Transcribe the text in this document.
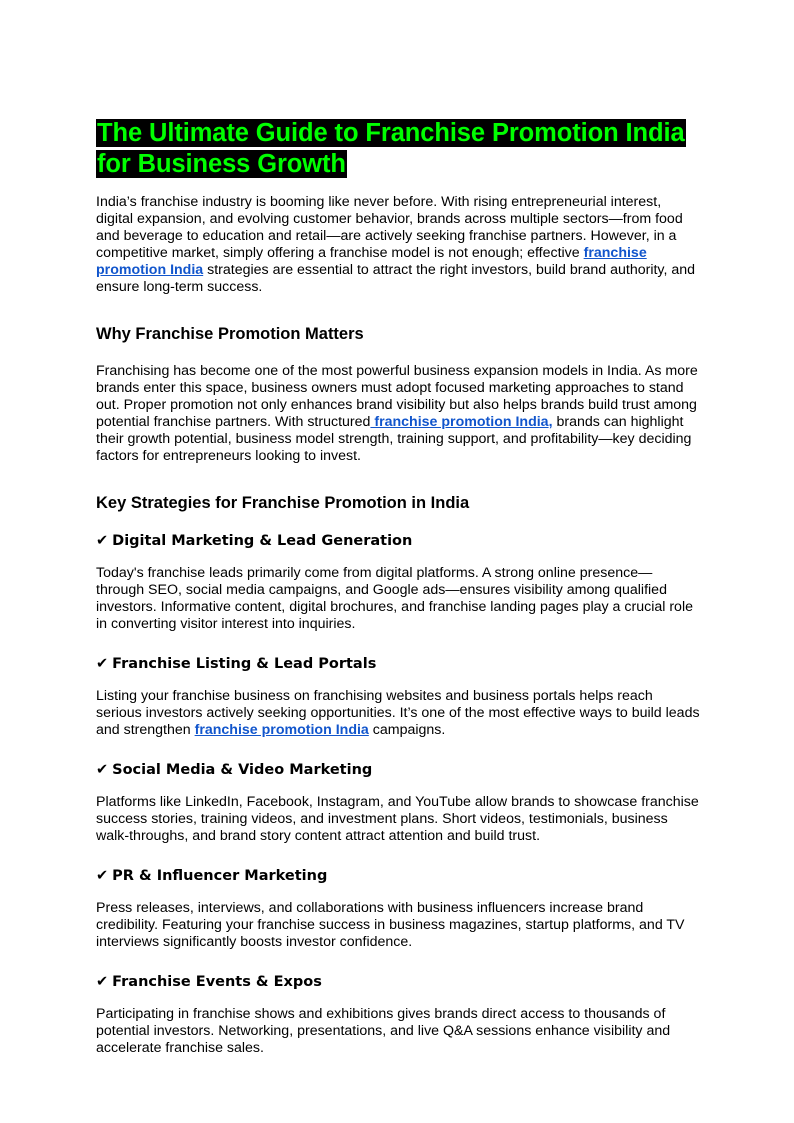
The Ultimate Guide to Franchise Promotion India for Business Growth

India’s franchise industry is booming like never before. With rising entrepreneurial interest, digital expansion, and evolving customer behavior, brands across multiple sectors—from food and beverage to education and retail—are actively seeking franchise partners. However, in a competitive market, simply offering a franchise model is not enough; effective franchise promotion India strategies are essential to attract the right investors, build brand authority, and ensure long-term success.

Why Franchise Promotion Matters

Franchising has become one of the most powerful business expansion models in India. As more brands enter this space, business owners must adopt focused marketing approaches to stand out. Proper promotion not only enhances brand visibility but also helps brands build trust among potential franchise partners. With structured franchise promotion India, brands can highlight their growth potential, business model strength, training support, and profitability—key deciding factors for entrepreneurs looking to invest.

Key Strategies for Franchise Promotion in India
✔ Digital Marketing & Lead Generation

Today's franchise leads primarily come from digital platforms. A strong online presence—through SEO, social media campaigns, and Google ads—ensures visibility among qualified investors. Informative content, digital brochures, and franchise landing pages play a crucial role in converting visitor interest into inquiries.

✔ Franchise Listing & Lead Portals

Listing your franchise business on franchising websites and business portals helps reach serious investors actively seeking opportunities. It’s one of the most effective ways to build leads and strengthen franchise promotion India campaigns.

✔ Social Media & Video Marketing

Platforms like LinkedIn, Facebook, Instagram, and YouTube allow brands to showcase franchise success stories, training videos, and investment plans. Short videos, testimonials, business walk-throughs, and brand story content attract attention and build trust.

✔ PR & Influencer Marketing

Press releases, interviews, and collaborations with business influencers increase brand credibility. Featuring your franchise success in business magazines, startup platforms, and TV interviews significantly boosts investor confidence.

✔ Franchise Events & Expos

Participating in franchise shows and exhibitions gives brands direct access to thousands of potential investors. Networking, presentations, and live Q&A sessions enhance visibility and accelerate franchise sales.
